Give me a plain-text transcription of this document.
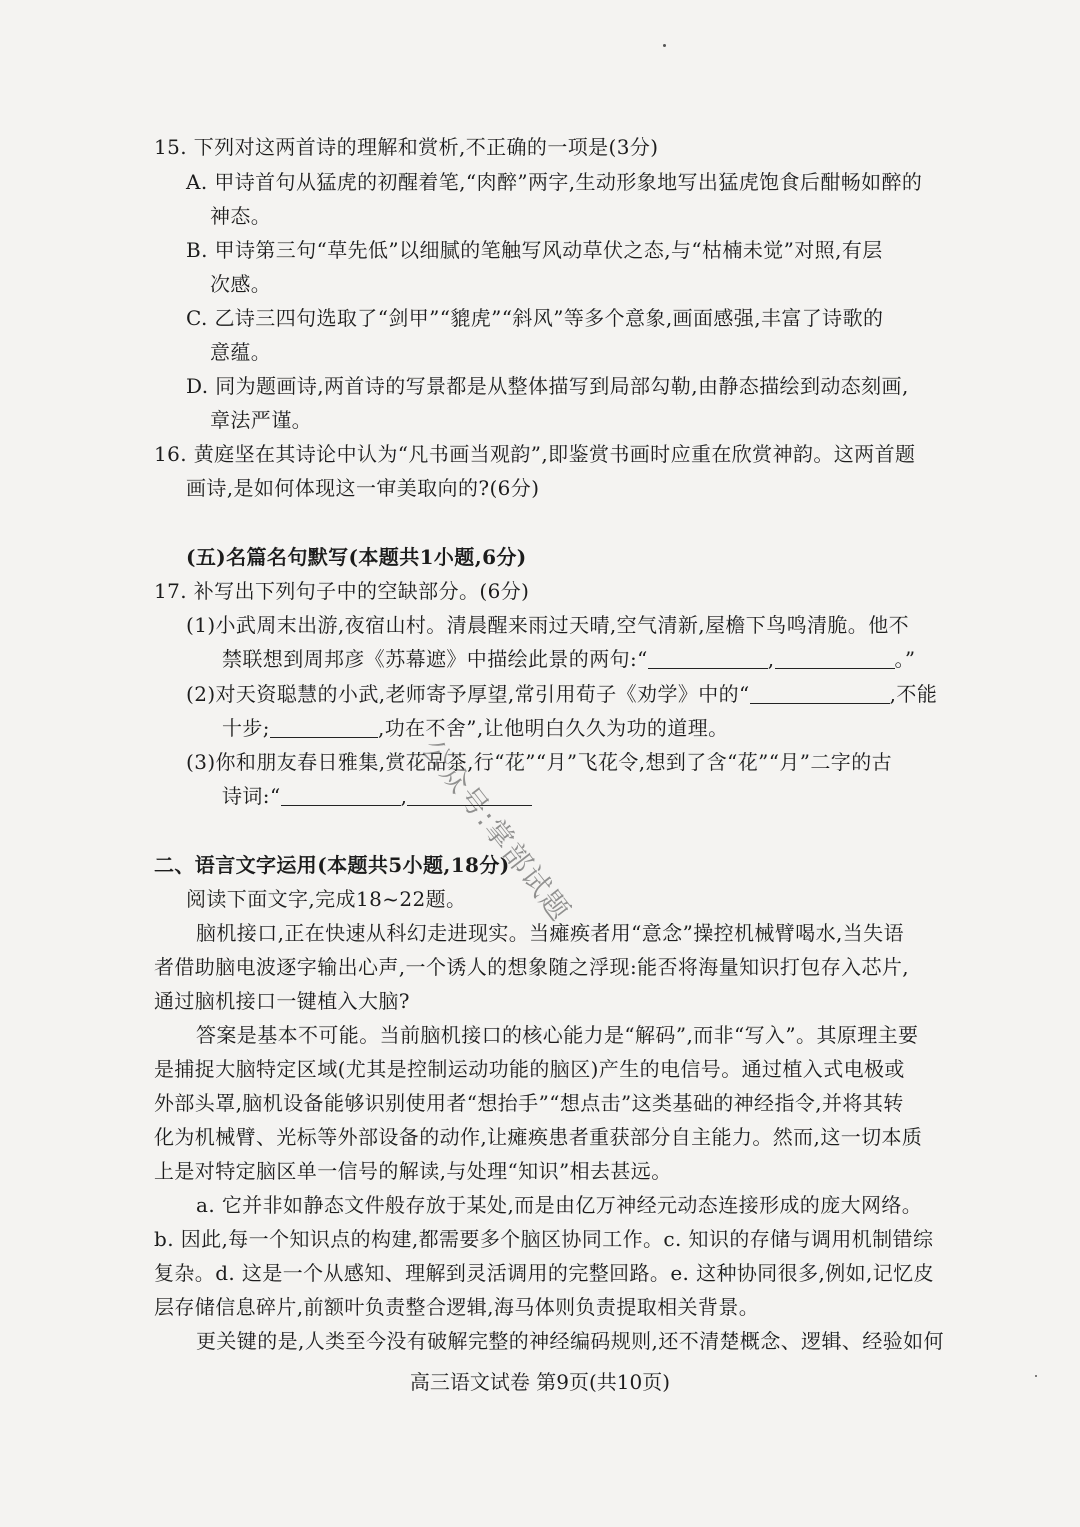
15. 下列对这两首诗的理解和赏析,不正确的一项是(3分)
A. 甲诗首句从猛虎的初醒着笔,“肉醉”两字,生动形象地写出猛虎饱食后酣畅如醉的
神态。
B. 甲诗第三句“草先低”以细腻的笔触写风动草伏之态,与“枯楠未觉”对照,有层
次感。
C. 乙诗三四句选取了“剑甲”“貔虎”“斜风”等多个意象,画面感强,丰富了诗歌的
意蕴。
D. 同为题画诗,两首诗的写景都是从整体描写到局部勾勒,由静态描绘到动态刻画,
章法严谨。
16. 黄庭坚在其诗论中认为“凡书画当观韵”,即鉴赏书画时应重在欣赏神韵。这两首题
画诗,是如何体现这一审美取向的?(6分)
(五)名篇名句默写(本题共1小题,6分)
17. 补写出下列句子中的空缺部分。(6分)
(1)小武周末出游,夜宿山村。清晨醒来雨过天晴,空气清新,屋檐下鸟鸣清脆。他不
禁联想到周邦彦《苏幕遮》中描绘此景的两句:“	,	。”
(2)对天资聪慧的小武,老师寄予厚望,常引用荀子《劝学》中的“	,不能
十步;	,功在不舍”,让他明白久久为功的道理。
(3)你和朋友春日雅集,赏花品茶,行“花”“月”飞花令,想到了含“花”“月”二字的古
诗词:“	,
二、语言文字运用(本题共5小题,18分)
阅读下面文字,完成18~22题。
脑机接口,正在快速从科幻走进现实。当瘫痪者用“意念”操控机械臂喝水,当失语
者借助脑电波逐字输出心声,一个诱人的想象随之浮现:能否将海量知识打包存入芯片,
通过脑机接口一键植入大脑?
答案是基本不可能。当前脑机接口的核心能力是“解码”,而非“写入”。其原理主要
是捕捉大脑特定区域(尤其是控制运动功能的脑区)产生的电信号。通过植入式电极或
外部头罩,脑机设备能够识别使用者“想抬手”“想点击”这类基础的神经指令,并将其转
化为机械臂、光标等外部设备的动作,让瘫痪患者重获部分自主能力。然而,这一切本质
上是对特定脑区单一信号的解读,与处理“知识”相去甚远。
a. 它并非如静态文件般存放于某处,而是由亿万神经元动态连接形成的庞大网络。
b. 因此,每一个知识点的构建,都需要多个脑区协同工作。c. 知识的存储与调用机制错综
复杂。d. 这是一个从感知、理解到灵活调用的完整回路。e. 这种协同很多,例如,记忆皮
层存储信息碎片,前额叶负责整合逻辑,海马体则负责提取相关背景。
更关键的是,人类至今没有破解完整的神经编码规则,还不清楚概念、逻辑、经验如何
公众号:掌部试题
高三语文试卷 第9页(共10页)
